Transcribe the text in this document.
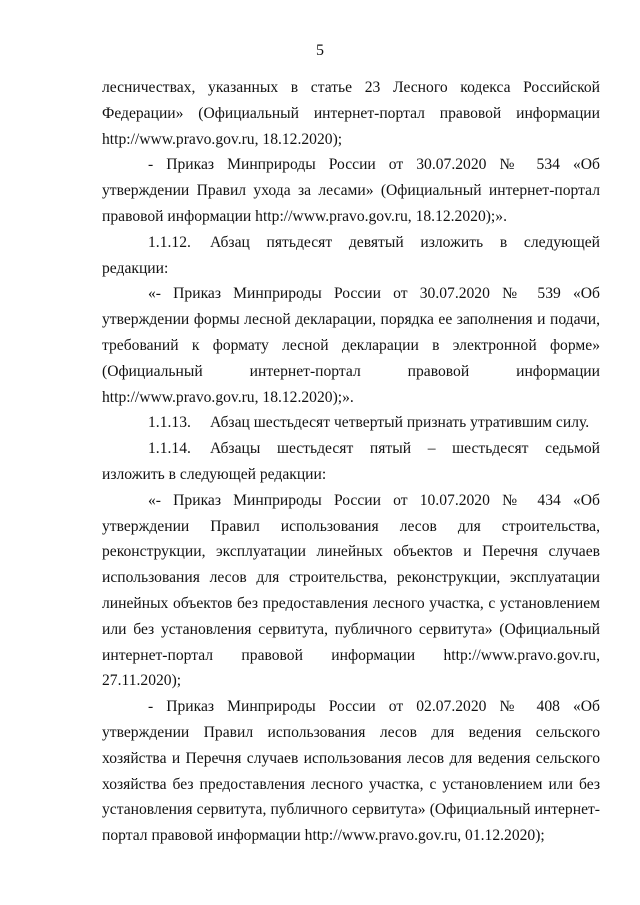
5

лесничествах, указанных в статье 23 Лесного кодекса Российской Федерации» (Официальный интернет-портал правовой информации http://www.pravo.gov.ru, 18.12.2020);

- Приказ Минприроды России от 30.07.2020 № 534 «Об утверждении Правил ухода за лесами» (Официальный интернет-портал правовой информации http://www.pravo.gov.ru, 18.12.2020);».

1.1.12. Абзац пятьдесят девятый изложить в следующей редакции:

«- Приказ Минприроды России от 30.07.2020 № 539 «Об утверждении формы лесной декларации, порядка ее заполнения и подачи, требований к формату лесной декларации в электронной форме» (Официальный интернет-портал правовой информации http://www.pravo.gov.ru, 18.12.2020);».

1.1.13. Абзац шестьдесят четвертый признать утратившим силу.

1.1.14. Абзацы шестьдесят пятый – шестьдесят седьмой изложить в следующей редакции:

«- Приказ Минприроды России от 10.07.2020 № 434 «Об утверждении Правил использования лесов для строительства, реконструкции, эксплуатации линейных объектов и Перечня случаев использования лесов для строительства, реконструкции, эксплуатации линейных объектов без предоставления лесного участка, с установлением или без установления сервитута, публичного сервитута» (Официальный интернет-портал правовой информации http://www.pravo.gov.ru, 27.11.2020);

- Приказ Минприроды России от 02.07.2020 № 408 «Об утверждении Правил использования лесов для ведения сельского хозяйства и Перечня случаев использования лесов для ведения сельского хозяйства без предоставления лесного участка, с установлением или без установления сервитута, публичного сервитута» (Официальный интернет-портал правовой информации http://www.pravo.gov.ru, 01.12.2020);
